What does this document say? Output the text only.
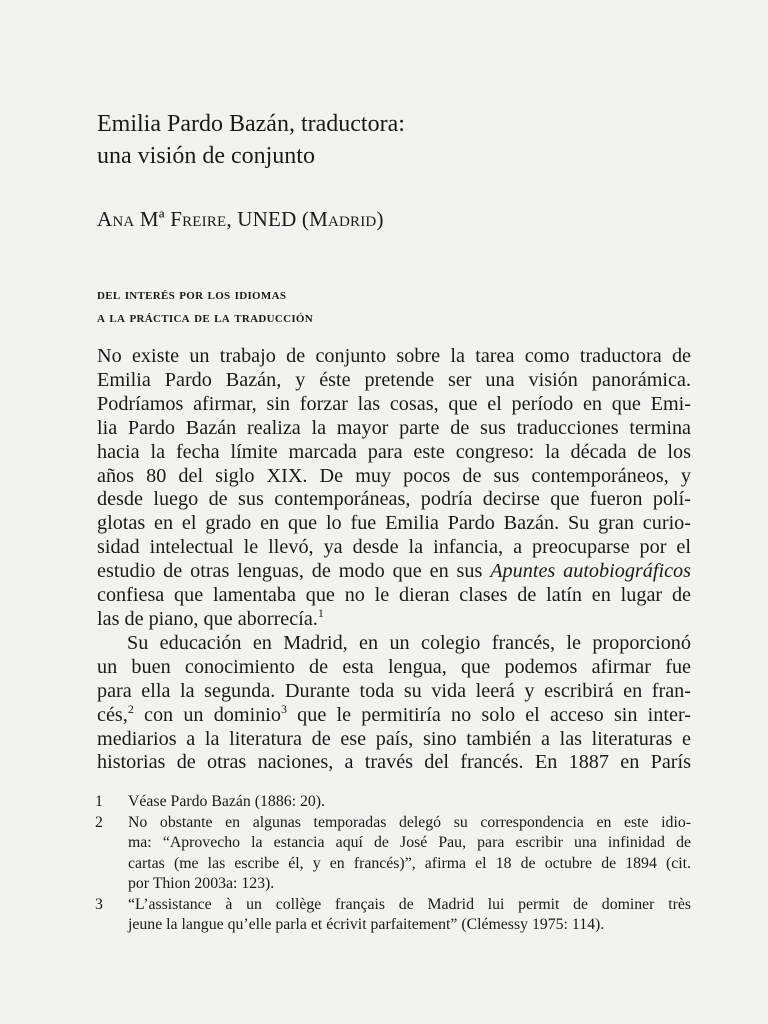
Emilia Pardo Bazán, traductora:
una visión de conjunto

Ana Mª Freire, UNED (Madrid)

del interés por los idiomas
a la práctica de la traducción

No existe un trabajo de conjunto sobre la tarea como traductora de
Emilia Pardo Bazán, y éste pretende ser una visión panorámica.
Podríamos afirmar, sin forzar las cosas, que el período en que Emi-
lia Pardo Bazán realiza la mayor parte de sus traducciones termina
hacia la fecha límite marcada para este congreso: la década de los
años 80 del siglo XIX. De muy pocos de sus contemporáneos, y
desde luego de sus contemporáneas, podría decirse que fueron polí-
glotas en el grado en que lo fue Emilia Pardo Bazán. Su gran curio-
sidad intelectual le llevó, ya desde la infancia, a preocuparse por el
estudio de otras lenguas, de modo que en sus Apuntes autobiográficos
confiesa que lamentaba que no le dieran clases de latín en lugar de
las de piano, que aborrecía.$^1$

Su educación en Madrid, en un colegio francés, le proporcionó
un buen conocimiento de esta lengua, que podemos afirmar fue
para ella la segunda. Durante toda su vida leerá y escribirá en fran-
cés,$^2$ con un dominio$^3$ que le permitiría no solo el acceso sin inter-
mediarios a la literatura de ese país, sino también a las literaturas e
historias de otras naciones, a través del francés. En 1887 en París

1 Véase Pardo Bazán (1886: 20).
2 No obstante en algunas temporadas delegó su correspondencia en este idio-
ma: “Aprovecho la estancia aquí de José Pau, para escribir una infinidad de
cartas (me las escribe él, y en francés)”, afirma el 18 de octubre de 1894 (cit.
por Thion 2003a: 123).
3 “L’assistance à un collège français de Madrid lui permit de dominer très
jeune la langue qu’elle parla et écrivit parfaitement” (Clémessy 1975: 114).
